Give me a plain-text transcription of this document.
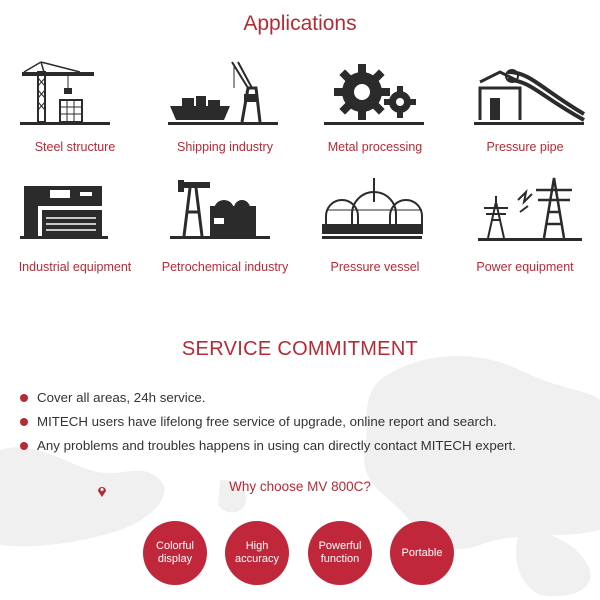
Applications
Steel structure	Shipping industry	Metal processing	Pressure pipe
Industrial equipment	Petrochemical industry	Pressure vessel	Power equipment
SERVICE COMMITMENT
Cover all areas, 24h service.
MITECH users have lifelong free service of upgrade, online report and search.
Any problems and troubles happens in using can directly contact MITECH expert.
Why choose MV 800C?
Colorful
display
High
accuracy
Powerful
function
Portable
